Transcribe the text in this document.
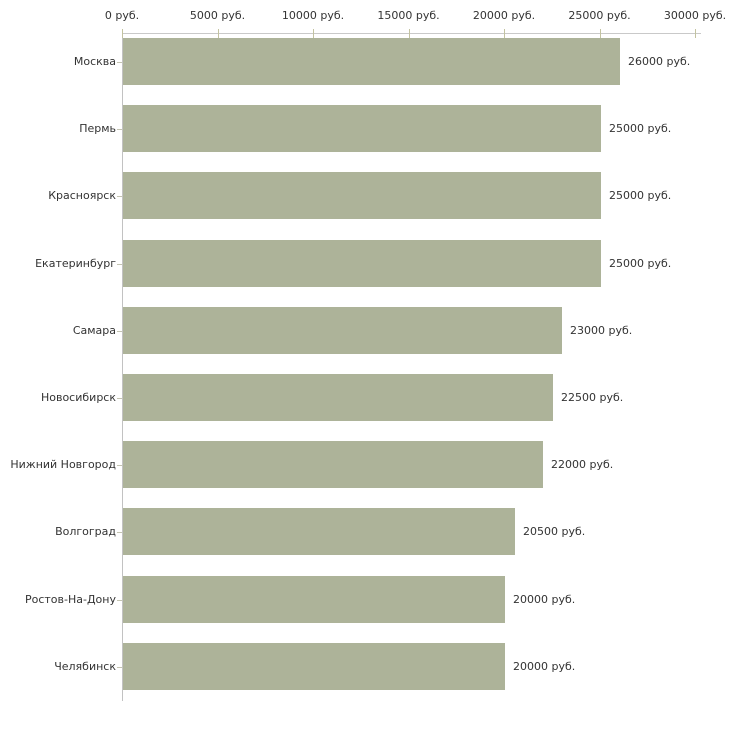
0 руб.	5000 руб.	10000 руб.	15000 руб.	20000 руб.	25000 руб.	30000 руб.
Москва	26000 руб.
Пермь	25000 руб.
Красноярск	25000 руб.
Екатеринбург	25000 руб.
Самара	23000 руб.
Новосибирск	22500 руб.
Нижний Новгород	22000 руб.
Волгоград	20500 руб.
Ростов-На-Дону	20000 руб.
Челябинск	20000 руб.
